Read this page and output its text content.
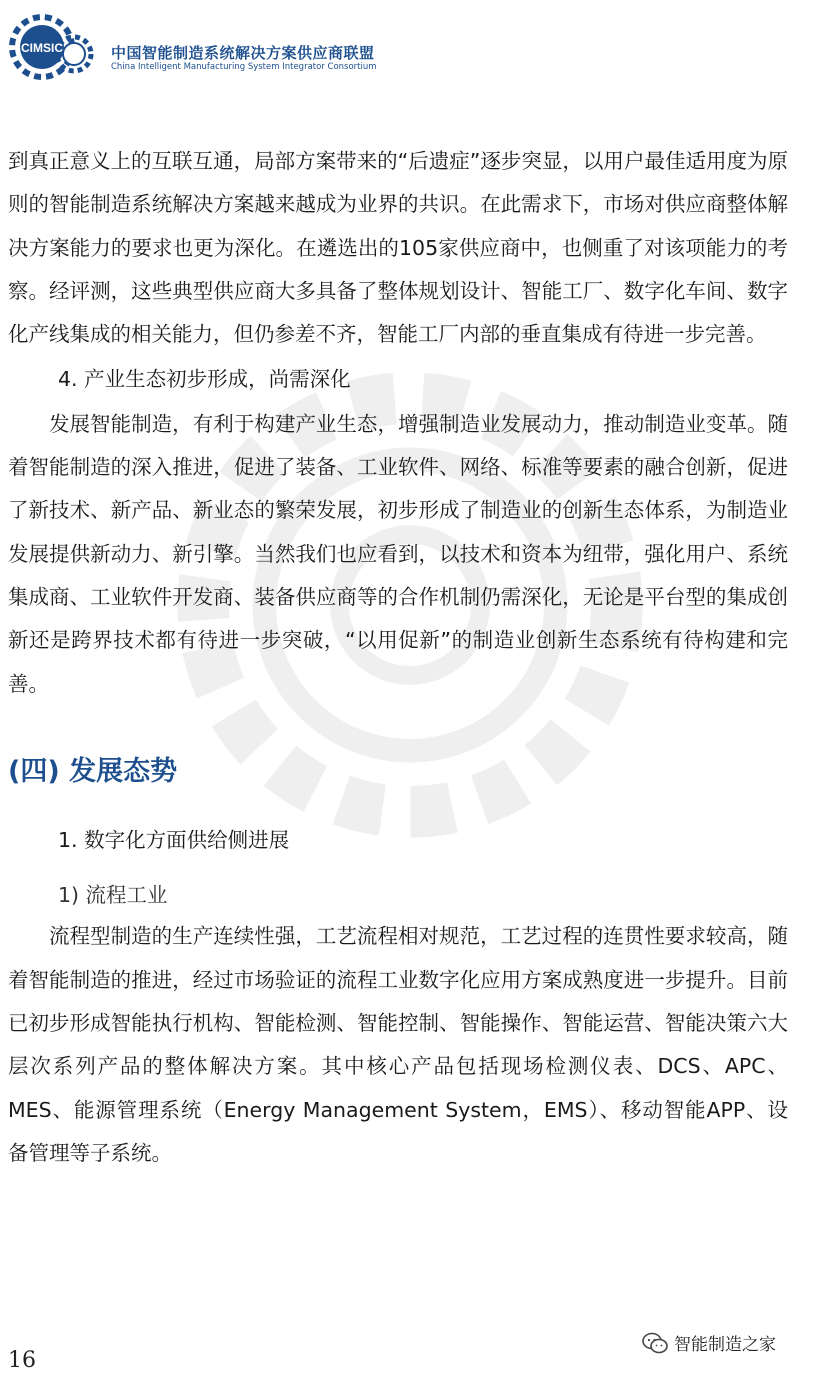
CIMSIC	中国智能制造系统解决方案供应商联盟
China Intelligent Manufacturing System Integrator Consortium

到真正意义上的互联互通，局部方案带来的“后遗症”逐步突显，以用户最佳适用度为原则的智能制造系统解决方案越来越成为业界的共识。在此需求下，市场对供应商整体解决方案能力的要求也更为深化。在遴选出的105家供应商中，也侧重了对该项能力的考察。经评测，这些典型供应商大多具备了整体规划设计、智能工厂、数字化车间、数字化产线集成的相关能力，但仍参差不齐，智能工厂内部的垂直集成有待进一步完善。

4. 产业生态初步形成，尚需深化

发展智能制造，有利于构建产业生态，增强制造业发展动力，推动制造业变革。随着智能制造的深入推进，促进了装备、工业软件、网络、标准等要素的融合创新，促进了新技术、新产品、新业态的繁荣发展，初步形成了制造业的创新生态体系，为制造业发展提供新动力、新引擎。当然我们也应看到，以技术和资本为纽带，强化用户、系统集成商、工业软件开发商、装备供应商等的合作机制仍需深化，无论是平台型的集成创新还是跨界技术都有待进一步突破，“以用促新”的制造业创新生态系统有待构建和完善。

(四) 发展态势

1. 数字化方面供给侧进展

1) 流程工业

流程型制造的生产连续性强，工艺流程相对规范，工艺过程的连贯性要求较高，随着智能制造的推进，经过市场验证的流程工业数字化应用方案成熟度进一步提升。目前已初步形成智能执行机构、智能检测、智能控制、智能操作、智能运营、智能决策六大层次系列产品的整体解决方案。其中核心产品包括现场检测仪表、DCS、APC、MES、能源管理系统（Energy Management System，EMS）、移动智能APP、设备管理等子系统。

16
智能制造之家
